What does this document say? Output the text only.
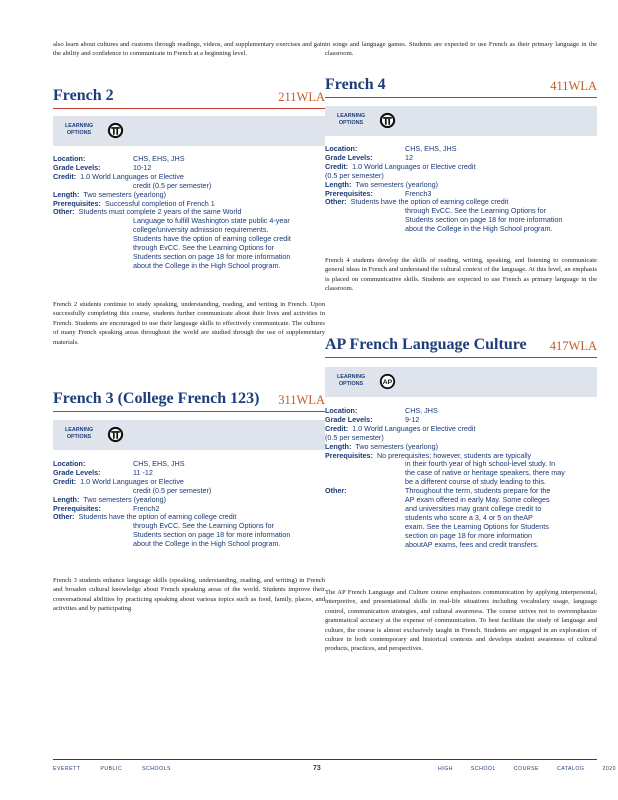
also learn about cultures and customs through readings, videos, and supplementary exercises and gain the ability and confidence to communicate in French at a beginning level.

French 2	211WLA
LEARNING OPTIONS
Location:	CHS, EHS, JHS
Grade Levels:	10-12
Credit: 1.0 World Languages or Elective
credit (0.5 per semester)
Length: Two semesters (yearlong)
Prerequisites: Successful completion of French 1
Other: Students must complete 2 years of the same World
Language to fulfill Washington state public 4-year
college/university admission requirements.
Students have the option of earning college credit
through EvCC. See the Learning Options for
Students section on page 18 for more information
about the College in the High School program.

French 2 students continue to study speaking, understanding, reading, and writing in French. Upon successfully completing this course, students further communicate about their lives and activities in French. Students are encouraged to use their language skills to effectively communicate. The cultures of many French speaking areas throughout the world are studied through the use of supplementary materials.

French 3 (College French 123) 311WLA
LEARNING OPTIONS
Location:	CHS, EHS, JHS
Grade Levels:	11 -12
Credit: 1.0 World Languages or Elective
credit (0.5 per semester)
Length: Two semesters (yearlong)
Prerequisites:	French2
Other: Students have the option of earning college credit
through EvCC. See the Learning Options for
Students section on page 18 for more information
about the College in the High School program.

French 3 students enhance language skills (speaking, understanding, reading, and writing) in French and broaden cultural knowledge about French speaking areas of the world. Students improve their conversational abilities by practicing speaking about various topics such as food, family, places, and activities and by participating

in songs and language games. Students are expected to use French as their primary language in the classroom.

French 4	411WLA
LEARNING OPTIONS
Location:	CHS, EHS, JHS
Grade Levels:	12
Credit: 1.0 World Languages or Elective credit
(0.5 per semester)
Length: Two semesters (yearlong)
Prerequisites:	French3
Other: Students have the option of earning college credit
through EvCC. See the Learning Options for
Students section on page 18 for more information
about the College in the High School program.

French 4 students develop the skills of reading, writing, speaking, and listening to communicate general ideas in French and understand the cultural context of the language. At this level, an emphasis is placed on communicative skills. Students are expected to use French as primary language in the classroom.

AP French Language Culture 417WLA
LEARNING OPTIONS AP
Location:	CHS, JHS
Grade Levels:	9-12
Credit: 1.0 World Languages or Elective credit
(0.5 per semester)
Length: Two semesters (yearlong)
Prerequisites: No prerequisites; however, students are typically
in their fourth year of high school-level study. In
the case of native or heritage speakers, there may
be a different course of study leading to this.
Other:	Throughout the term, students prepare for the
AP exam offered in early May. Some colleges
and universities may grant college credit to
students who score a 3, 4 or 5 on theAP
exam. See the Learning Options for Students
section on page 18 for more information
aboutAP exams, fees and credit transfers.

The AP French Language and Culture course emphasizes communication by applying interpersonal, interpretive, and presentational skills in real-life situations including vocabulary usage, language control, communication strategies, and cultural awareness. The course strives not to overemphasize grammatical accuracy at the expense of communication. To best facilitate the study of language and culture, the course is almost exclusively taught in French. Students are engaged in an exploration of culture in both contemporary and historical contexts and develops student awareness of cultural products, practices, and perspectives.

EVERETT	PUBLIC	SCHOOLS	73	HIGH	SCHOOL	COURSE	CATALOG	2020
